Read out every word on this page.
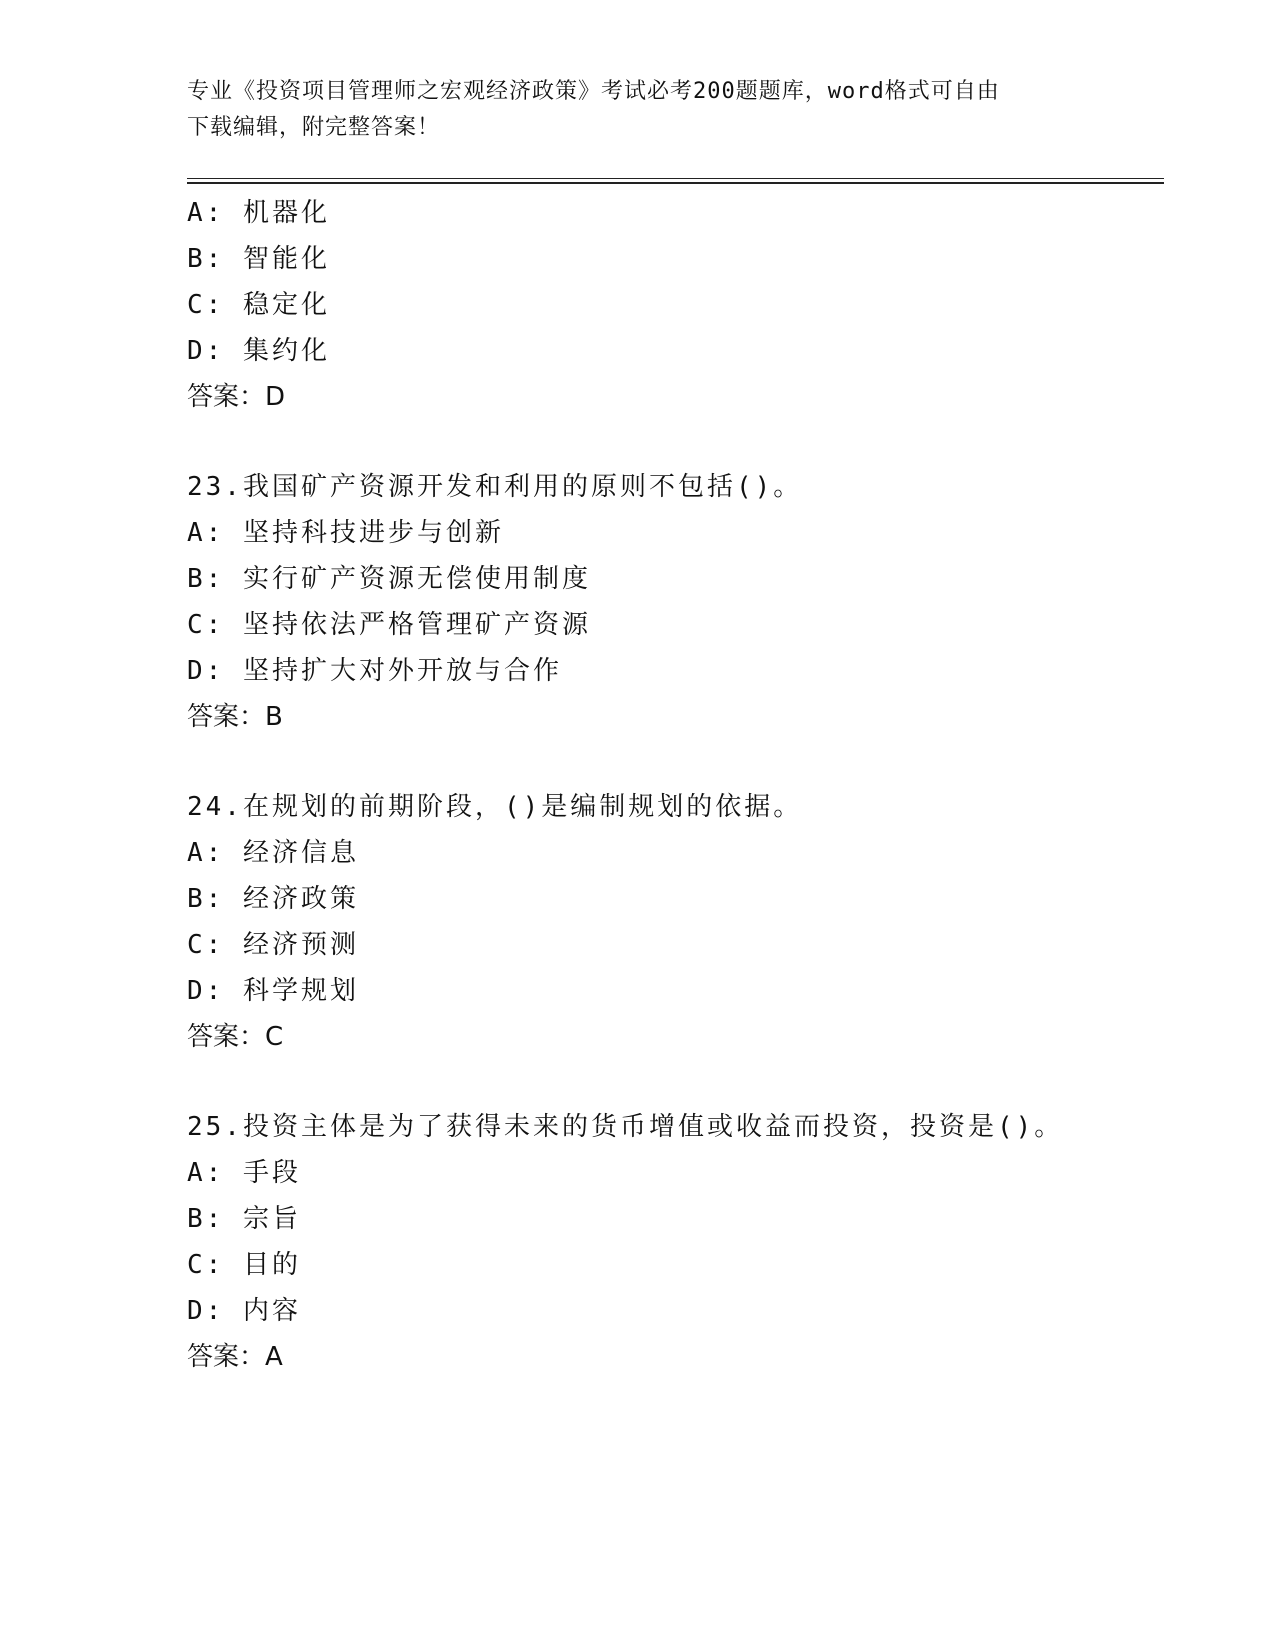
专业《投资项目管理师之宏观经济政策》考试必考200题题库，word格式可自由
下载编辑，附完整答案！
A: 机器化
B: 智能化
C: 稳定化
D: 集约化
答案：D
23.我国矿产资源开发和利用的原则不包括()。
A: 坚持科技进步与创新
B: 实行矿产资源无偿使用制度
C: 坚持依法严格管理矿产资源
D: 坚持扩大对外开放与合作
答案：B
24.在规划的前期阶段，()是编制规划的依据。
A: 经济信息
B: 经济政策
C: 经济预测
D: 科学规划
答案：C
25.投资主体是为了获得未来的货币增值或收益而投资，投资是()。
A: 手段
B: 宗旨
C: 目的
D: 内容
答案：A
